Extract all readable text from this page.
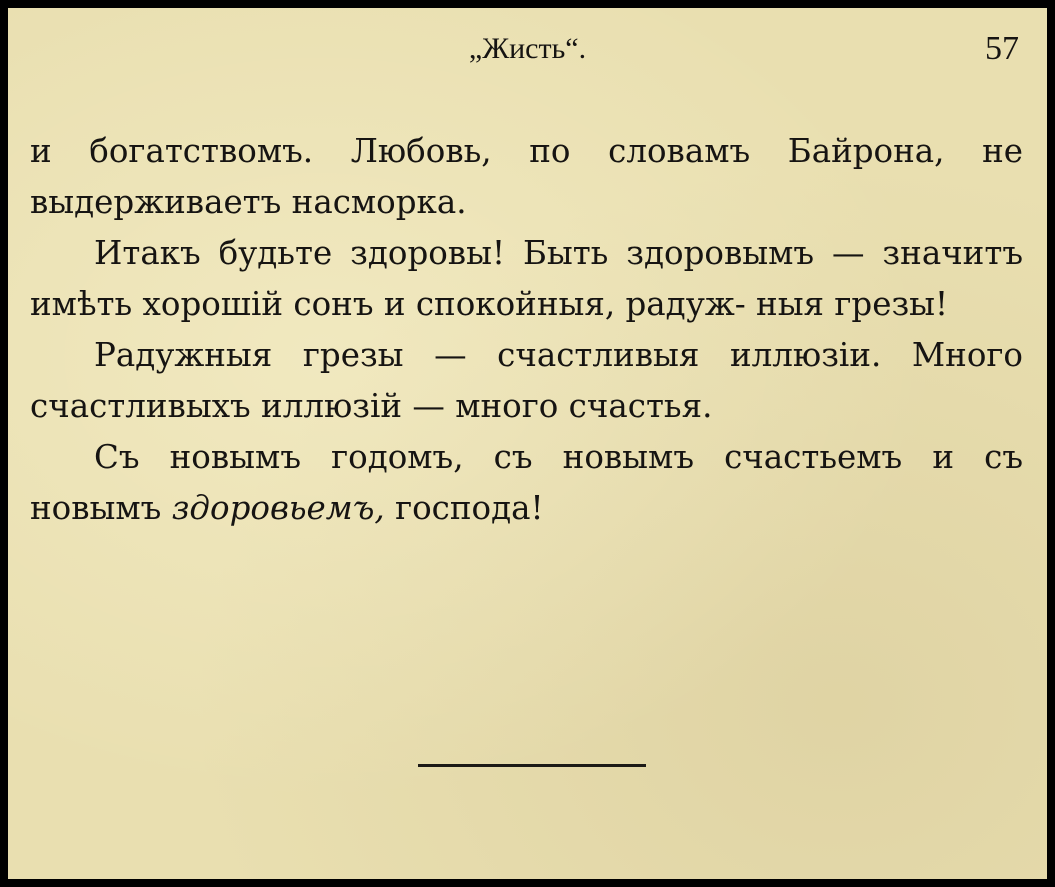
„Жисть“.	57

и богатствомъ. Любовь, по словамъ Байрона, не
выдерживаетъ насморка.

Итакъ будьте здоровы! Быть здоровымъ — значитъ имѣть хорошій сонъ и спокойныя, радуж- ныя грезы!

Радужныя грезы — счастливыя иллюзіи. Много счастливыхъ иллюзій — много счастья.

Съ новымъ годомъ, съ новымъ счастьемъ и съ новымъ здоровьемъ, господа!
